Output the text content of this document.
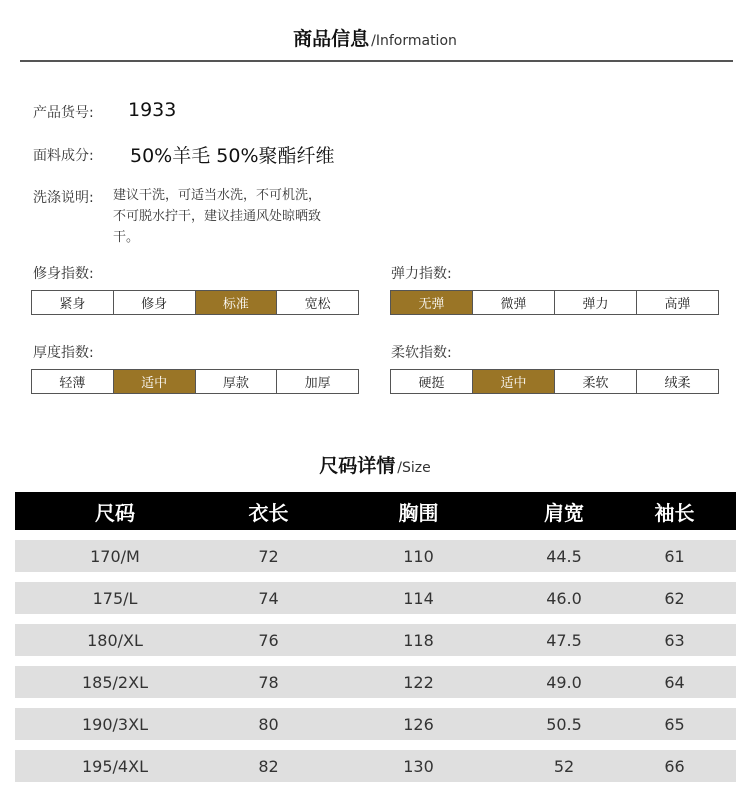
商品信息 /Information
产品货号: 1933
面料成分: 50%羊毛 50%聚酯纤维
洗涤说明: 建议干洗，可适当水洗，不可机洗，
不可脱水拧干，建议挂通风处晾晒致
干。
修身指数:
紧身	修身	标准	宽松
弹力指数:
无弹	微弹	弹力	高弹
厚度指数:
轻薄	适中	厚款	加厚
柔软指数:
硬挺	适中	柔软	绒柔
尺码详情 /Size
尺码	衣长	胸围	肩宽	袖长
170/M	72	110	44.5	61
175/L	74	114	46.0	62
180/XL	76	118	47.5	63
185/2XL	78	122	49.0	64
190/3XL	80	126	50.5	65
195/4XL	82	130	52	66
